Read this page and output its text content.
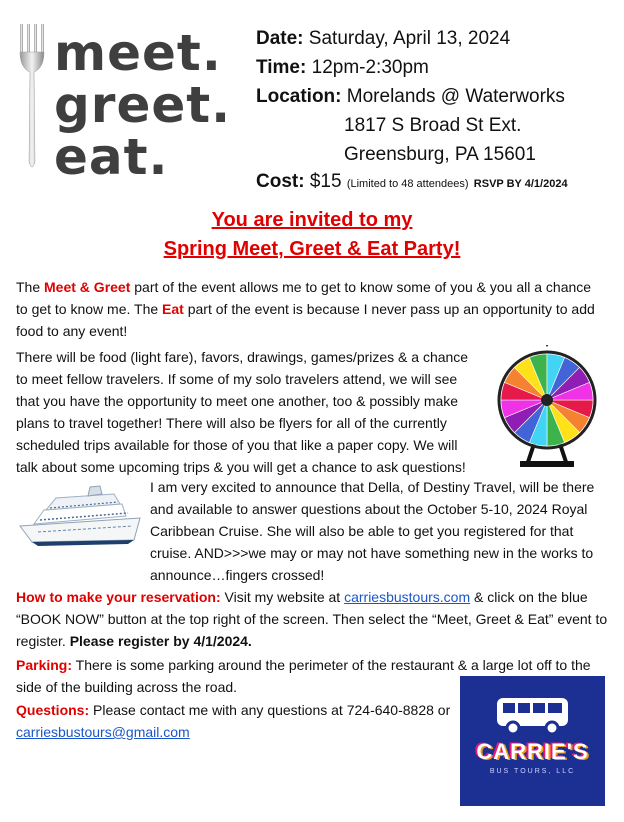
meet.
greet.
eat.
Date: Saturday, April 13, 2024
Time: 12pm-2:30pm
Location: Morelands @ Waterworks
1817 S Broad St Ext.
Greensburg, PA 15601
Cost: $15 (Limited to 48 attendees) RSVP BY 4/1/2024
You are invited to my
Spring Meet, Greet & Eat Party!
The Meet & Greet part of the event allows me to get to know some of you & you all a chance to get to know me. The Eat part of the event is because I never pass up an opportunity to add food to any event!
There will be food (light fare), favors, drawings, games/prizes & a chance to meet fellow travelers. If some of my solo travelers attend, we will see that you have the opportunity to meet one another, too & possibly make plans to travel together! There will also be flyers for all of the currently scheduled trips available for those of you that like a paper copy. We will talk about some upcoming trips & you will get a chance to ask questions!
I am very excited to announce that Della, of Destiny Travel, will be there and available to answer questions about the October 5-10, 2024 Royal Caribbean Cruise. She will also be able to get you registered for that cruise. AND>>>we may or may not have something new in the works to announce…fingers crossed!
How to make your reservation: Visit my website at carriesbustours.com & click on the blue “BOOK NOW” button at the top right of the screen. Then select the “Meet, Greet & Eat” event to register. Please register by 4/1/2024.
Parking: There is some parking around the perimeter of the restaurant & a large lot off to the side of the building across the road.
Questions: Please contact me with any questions at 724-640-8828 or
carriesbustours@gmail.com
CARRIE'S
BUS TOURS, LLC
